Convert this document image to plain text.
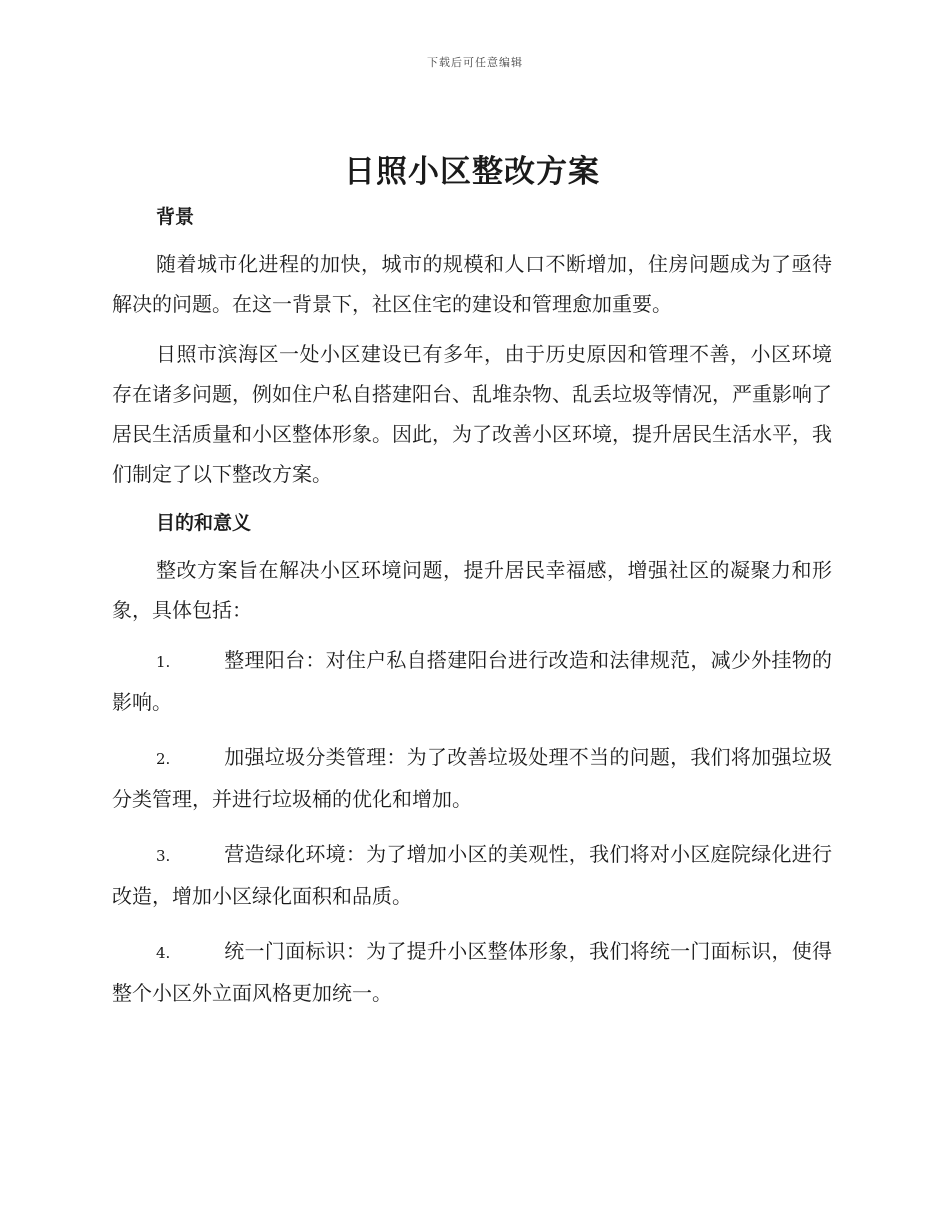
下载后可任意编辑
日照小区整改方案
背景

随着城市化进程的加快，城市的规模和人口不断增加，住房问题成为了亟待解决的问题。在这一背景下，社区住宅的建设和管理愈加重要。

日照市滨海区一处小区建设已有多年，由于历史原因和管理不善，小区环境存在诸多问题，例如住户私自搭建阳台、乱堆杂物、乱丢垃圾等情况，严重影响了居民生活质量和小区整体形象。因此，为了改善小区环境，提升居民生活水平，我们制定了以下整改方案。

目的和意义

整改方案旨在解决小区环境问题，提升居民幸福感，增强社区的凝聚力和形象，具体包括：

1.	整理阳台：对住户私自搭建阳台进行改造和法律规范，减少外挂物的影响。

2.	加强垃圾分类管理：为了改善垃圾处理不当的问题，我们将加强垃圾分类管理，并进行垃圾桶的优化和增加。

3.	营造绿化环境：为了增加小区的美观性，我们将对小区庭院绿化进行改造，增加小区绿化面积和品质。

4.	统一门面标识：为了提升小区整体形象，我们将统一门面标识，使得整个小区外立面风格更加统一。
